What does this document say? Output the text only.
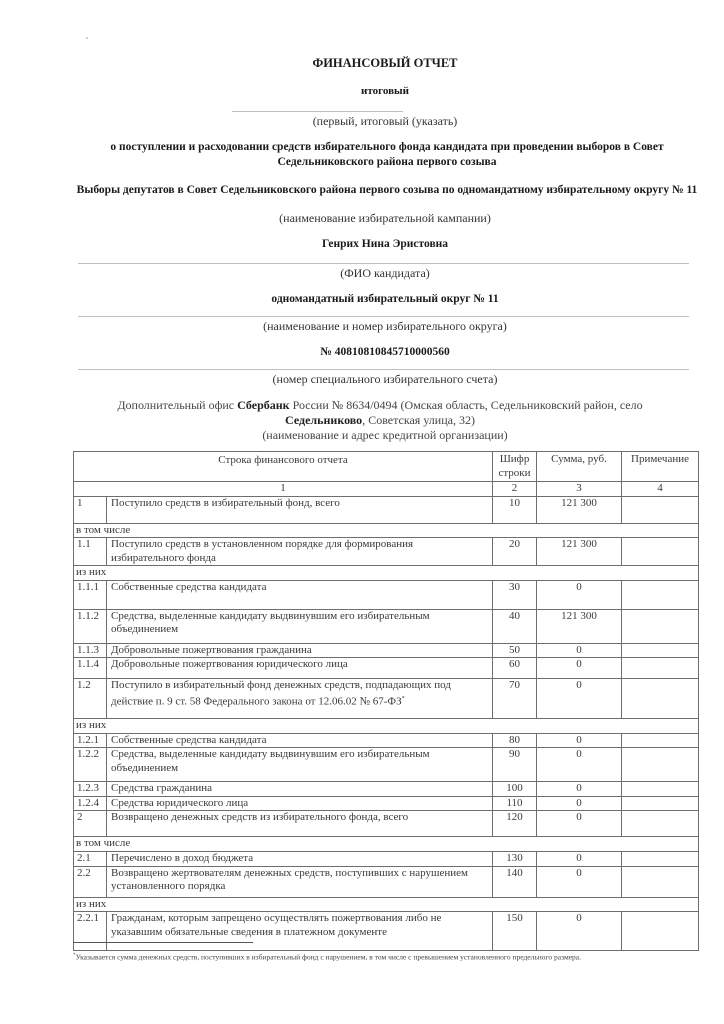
ФИНАНСОВЫЙ ОТЧЕТ
итоговый
(первый, итоговый (указать)
о поступлении и расходовании средств избирательного фонда кандидата при проведении выборов в Совет Седельниковского района первого созыва
Выборы депутатов в Совет Седельниковского района первого созыва по одномандатному избирательному округу № 11
(наименование избирательной кампании)
Генрих Нина Эристовна
(ФИО кандидата)
одномандатный избирательный округ № 11
(наименование и номер избирательного округа)
№ 40810810845710000560
(номер специального избирательного счета)
Дополнительный офис Сбербанк России № 8634/0494 (Омская область, Седельниковский район, село Седельниково, Советская улица, 32)
(наименование и адрес кредитной организации)
Строка финансового отчета		Шифр строки	Сумма, руб.	Примечание
1		2	3	4
1	Поступило средств в избирательный фонд, всего	10	121 300	
в том числе				
1.1	Поступило средств в установленном порядке для формирования избирательного фонда	20	121 300	
из них				
1.1.1	Собственные средства кандидата	30	0	
1.1.2	Средства, выделенные кандидату выдвинувшим его избирательным объединением	40	121 300	
1.1.3	Добровольные пожертвования гражданина	50	0	
1.1.4	Добровольные пожертвования юридического лица	60	0	
1.2	Поступило в избирательный фонд денежных средств, подпадающих под действие п. 9 ст. 58 Федерального закона от 12.06.02 № 67-ФЗ*	70	0	
из них				
1.2.1	Собственные средства кандидата	80	0	
1.2.2	Средства, выделенные кандидату выдвинувшим его избирательным объединением	90	0	
1.2.3	Средства гражданина	100	0	
1.2.4	Средства юридического лица	110	0	
2	Возвращено денежных средств из избирательного фонда, всего	120	0	
в том числе				
2.1	Перечислено в доход бюджета	130	0	
2.2	Возвращено жертвователям денежных средств, поступивших с нарушением установленного порядка	140	0	
из них				
2.2.1	Гражданам, которым запрещено осуществлять пожертвования либо не указавшим обязательные сведения в платежном документе	150	0	
*Указывается сумма денежных средств, поступивших в избирательный фонд с нарушением, в том числе с превышением установленного предельного размера.
